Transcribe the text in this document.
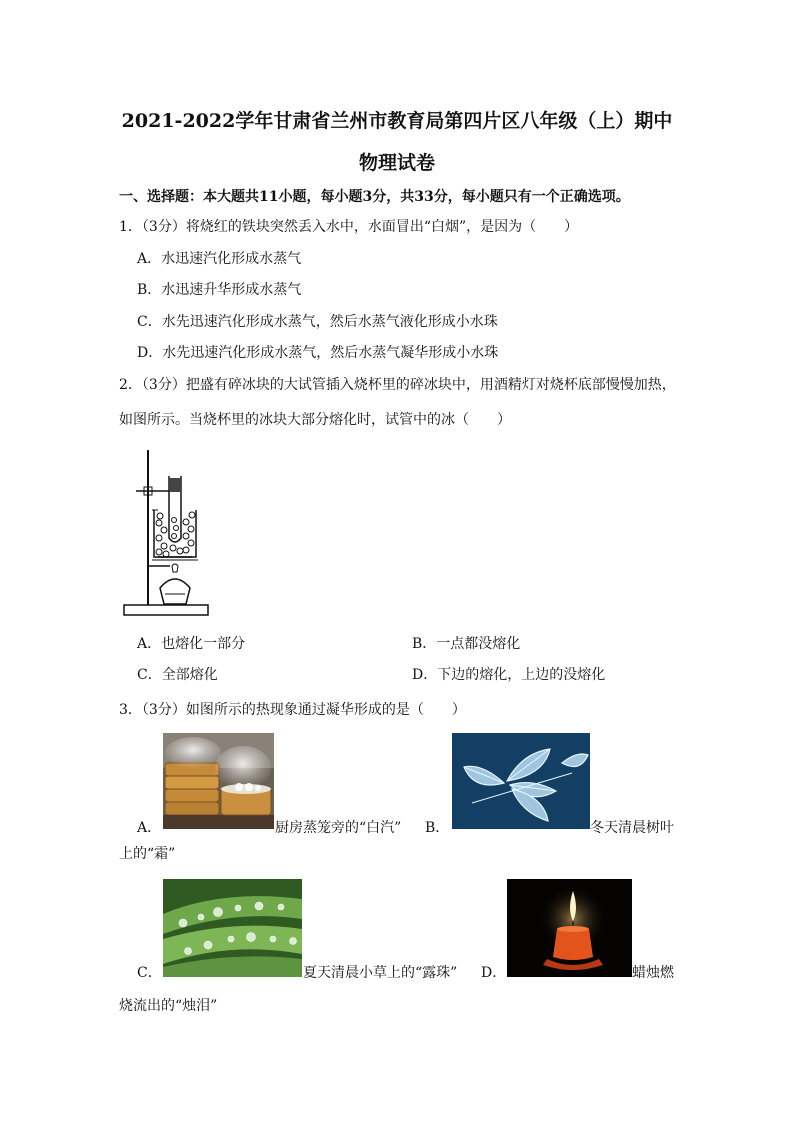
2021-2022学年甘肃省兰州市教育局第四片区八年级（上）期中
物理试卷
一、选择题：本大题共11小题，每小题3分，共33分，每小题只有一个正确选项。
1．（3分）将烧红的铁块突然丢入水中，水面冒出“白烟”，是因为（　　）
A．水迅速汽化形成水蒸气
B．水迅速升华形成水蒸气
C．水先迅速汽化形成水蒸气，然后水蒸气液化形成小水珠
D．水先迅速汽化形成水蒸气，然后水蒸气凝华形成小水珠
2．（3分）把盛有碎冰块的大试管插入烧杯里的碎冰块中，用酒精灯对烧杯底部慢慢加热，
如图所示。当烧杯里的冰块大部分熔化时，试管中的冰（　　）
A．也熔化一部分	B．一点都没熔化
C．全部熔化	D．下边的熔化，上边的没熔化
3．（3分）如图所示的热现象通过凝华形成的是（　　）
A．	厨房蒸笼旁的“白汽” B．	冬天清晨树叶
上的“霜”
C．	夏天清晨小草上的“露珠” D．	蜡烛燃
烧流出的“烛泪”
